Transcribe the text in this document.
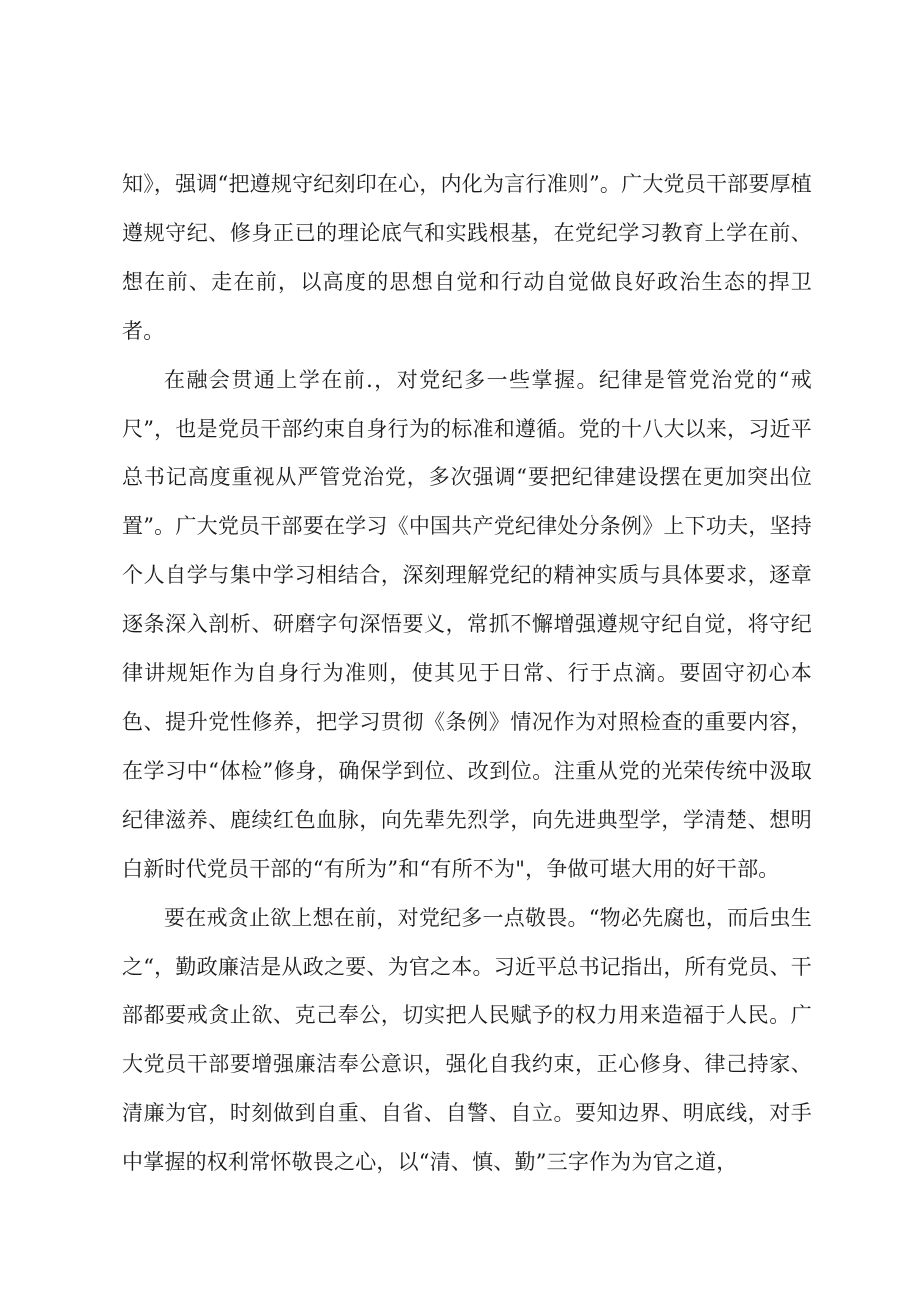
知》，强调“把遵规守纪刻印在心，内化为言行准则”。广大党员干部要厚植遵规守纪、修身正已的理论底气和实践根基，在党纪学习教育上学在前、想在前、走在前，以高度的思想自觉和行动自觉做良好政治生态的捍卫者。

在融会贯通上学在前.，对党纪多一些掌握。纪律是管党治党的“戒尺”，也是党员干部约束自身行为的标准和遵循。党的十八大以来，习近平总书记高度重视从严管党治党，多次强调“要把纪律建设摆在更加突出位置”。广大党员干部要在学习《中国共产党纪律处分条例》上下功夫，坚持个人自学与集中学习相结合，深刻理解党纪的精神实质与具体要求，逐章逐条深入剖析、研磨字句深悟要义，常抓不懈增强遵规守纪自觉，将守纪律讲规矩作为自身行为准则，使其见于日常、行于点滴。要固守初心本色、提升党性修养，把学习贯彻《条例》情况作为对照检查的重要内容，在学习中“体检”修身，确保学到位、改到位。注重从党的光荣传统中汲取纪律滋养、鹿续红色血脉，向先辈先烈学，向先进典型学，学清楚、想明白新时代党员干部的“有所为”和“有所不为"，争做可堪大用的好干部。

要在戒贪止欲上想在前，对党纪多一点敬畏。“物必先腐也，而后虫生之“，勤政廉洁是从政之要、为官之本。习近平总书记指出，所有党员、干部都要戒贪止欲、克己奉公，切实把人民赋予的权力用来造福于人民。广大党员干部要增强廉洁奉公意识，强化自我约束，正心修身、律己持家、清廉为官，时刻做到自重、自省、自警、自立。要知边界、明底线，对手中掌握的权利常怀敬畏之心，以“清、慎、勤”三字作为为官之道，
